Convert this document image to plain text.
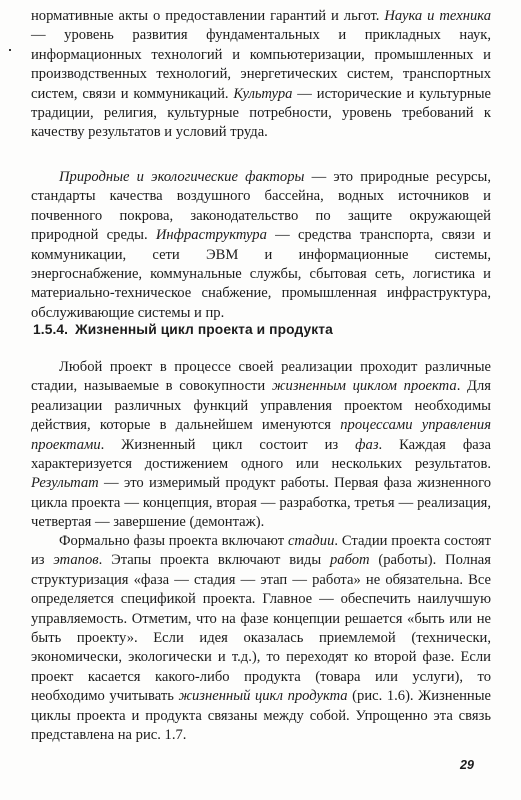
нормативные акты о предоставлении гарантий и льгот. Наука и техника — уровень развития фундаментальных и прикладных наук, информационных технологий и компьютеризации, промышленных и производственных технологий, энергетических систем, транспортных систем, связи и коммуникаций. Культура — исторические и культурные традиции, религия, культурные потребности, уровень требований к качеству результатов и условий труда.

Природные и экологические факторы — это природные ресурсы, стандарты качества воздушного бассейна, водных источников и почвенного покрова, законодательство по защите окружающей природной среды. Инфраструктура — средства транспорта, связи и коммуникации, сети ЭВМ и информационные системы, энергоснабжение, коммунальные службы, сбытовая сеть, логистика и материально-техническое снабжение, промышленная инфраструктура, обслуживающие системы и пр.

1.5.4. Жизненный цикл проекта и продукта

Любой проект в процессе своей реализации проходит различные стадии, называемые в совокупности жизненным циклом проекта. Для реализации различных функций управления проектом необходимы действия, которые в дальнейшем именуются процессами управления проектами. Жизненный цикл состоит из фаз. Каждая фаза характеризуется достижением одного или нескольких результатов. Результат — это измеримый продукт работы. Первая фаза жизненного цикла проекта — концепция, вторая — разработка, третья — реализация, четвертая — завершение (демонтаж).

Формально фазы проекта включают стадии. Стадии проекта состоят из этапов. Этапы проекта включают виды работ (работы). Полная структуризация «фаза — стадия — этап — работа» не обязательна. Все определяется спецификой проекта. Главное — обеспечить наилучшую управляемость. Отметим, что на фазе концепции решается «быть или не быть проекту». Если идея оказалась приемлемой (технически, экономически, экологически и т.д.), то переходят ко второй фазе. Если проект касается какого-либо продукта (товара или услуги), то необходимо учитывать жизненный цикл продукта (рис. 1.6). Жизненные циклы проекта и продукта связаны между собой. Упрощенно эта связь представлена на рис. 1.7.

29
